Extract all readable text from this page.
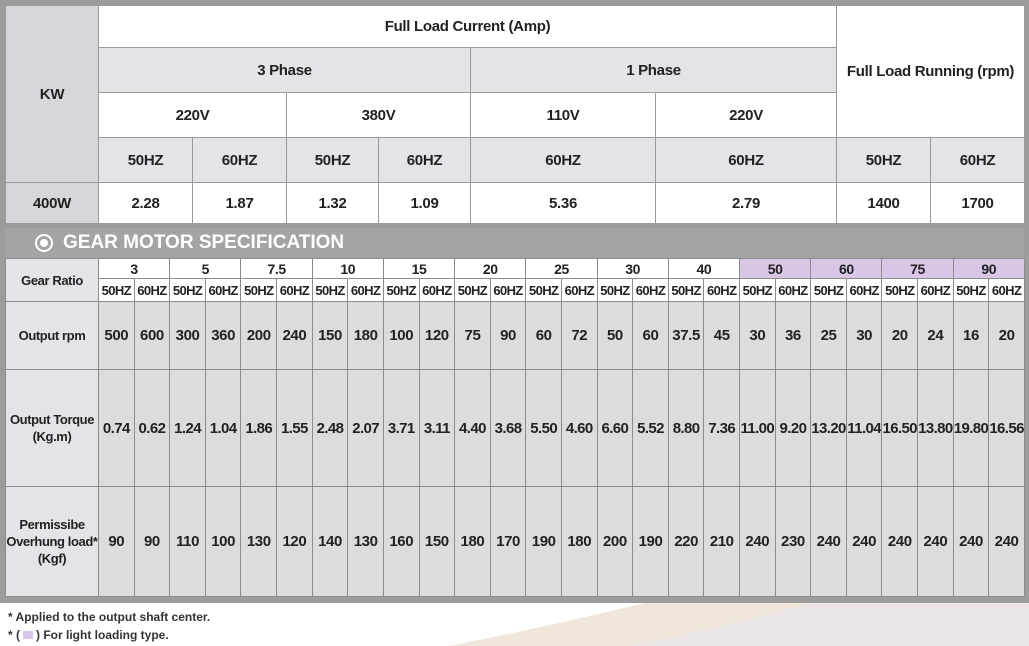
KW	Full Load Current (Amp)						Full Load Running (rpm)	
	3 Phase				1 Phase			
	220V		380V		110V	220V		
	50HZ	60HZ	50HZ	60HZ	60HZ	60HZ	50HZ	60HZ
400W	2.28	1.87	1.32	1.09	5.36	2.79	1400	1700
GEAR MOTOR SPECIFICATION
Gear Ratio	3		5		7.5		10		15		20		25		30		40		50		60		75		90	
	50HZ	60HZ	50HZ	60HZ	50HZ	60HZ	50HZ	60HZ	50HZ	60HZ	50HZ	60HZ	50HZ	60HZ	50HZ	60HZ	50HZ	60HZ	50HZ	60HZ	50HZ	60HZ	50HZ	60HZ	50HZ	60HZ
Output rpm	500	600	300	360	200	240	150	180	100	120	75	90	60	72	50	60	37.5	45	30	36	25	30	20	24	16	20
Output Torque (Kg.m)	0.74	0.62	1.24	1.04	1.86	1.55	2.48	2.07	3.71	3.11	4.40	3.68	5.50	4.60	6.60	5.52	8.80	7.36	11.00	9.20	13.20	11.04	16.50	13.80	19.80	16.56
Permissibe Overhung load* (Kgf)	90	90	110	100	130	120	140	130	160	150	180	170	190	180	200	190	220	210	240	230	240	240	240	240	240	240
* Applied to the output shaft center.
* ( ) For light loading type.
